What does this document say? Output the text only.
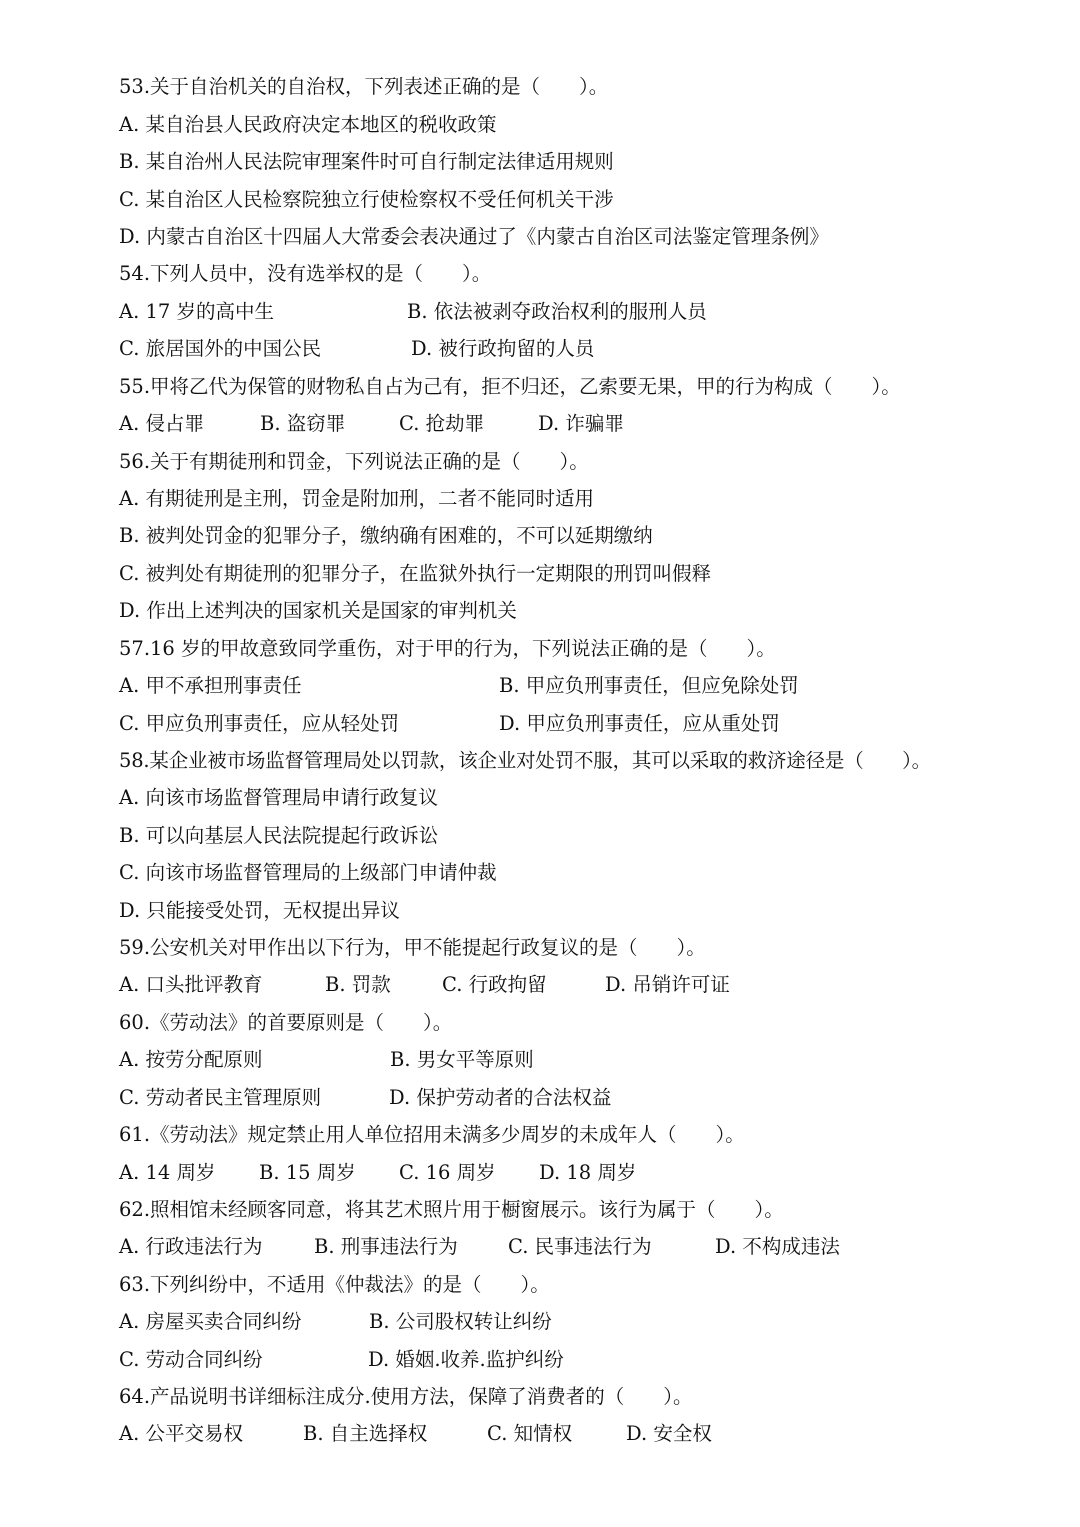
53.关于自治机关的自治权，下列表述正确的是（　　）。
A. 某自治县人民政府决定本地区的税收政策
B. 某自治州人民法院审理案件时可自行制定法律适用规则
C. 某自治区人民检察院独立行使检察权不受任何机关干涉
D. 内蒙古自治区十四届人大常委会表决通过了《内蒙古自治区司法鉴定管理条例》
54.下列人员中，没有选举权的是（　　）。

A. 17 岁的高中生

	B. 依法被剥夺政治权利的服刑人员

C. 旅居国外的中国公民

	D. 被行政拘留的人员

55.甲将乙代为保管的财物私自占为己有，拒不归还，乙索要无果，甲的行为构成（　　）。

A. 侵占罪

	B. 盗窃罪

	C. 抢劫罪

	D. 诈骗罪

56.关于有期徒刑和罚金，下列说法正确的是（　　）。
A. 有期徒刑是主刑，罚金是附加刑，二者不能同时适用
B. 被判处罚金的犯罪分子，缴纳确有困难的，不可以延期缴纳
C. 被判处有期徒刑的犯罪分子，在监狱外执行一定期限的刑罚叫假释
D. 作出上述判决的国家机关是国家的审判机关
57.16 岁的甲故意致同学重伤，对于甲的行为，下列说法正确的是（　　）。

A. 甲不承担刑事责任

	B. 甲应负刑事责任，但应免除处罚

C. 甲应负刑事责任，应从轻处罚

	D. 甲应负刑事责任，应从重处罚

58.某企业被市场监督管理局处以罚款，该企业对处罚不服，其可以采取的救济途径是（　　）。
A. 向该市场监督管理局申请行政复议
B. 可以向基层人民法院提起行政诉讼
C. 向该市场监督管理局的上级部门申请仲裁
D. 只能接受处罚，无权提出异议
59.公安机关对甲作出以下行为，甲不能提起行政复议的是（　　）。

A. 口头批评教育

	B. 罚款

	C. 行政拘留

	D. 吊销许可证

60.《劳动法》的首要原则是（　　）。

A. 按劳分配原则

	B. 男女平等原则

C. 劳动者民主管理原则

	D. 保护劳动者的合法权益

61.《劳动法》规定禁止用人单位招用未满多少周岁的未成年人（　　）。

A. 14 周岁

B. 15 周岁

C. 16 周岁

D. 18 周岁

62.照相馆未经顾客同意，将其艺术照片用于橱窗展示。该行为属于（　　）。

A. 行政违法行为

	B. 刑事违法行为

	C. 民事违法行为

	D. 不构成违法

63.下列纠纷中，不适用《仲裁法》的是（　　）。

A. 房屋买卖合同纠纷

	B. 公司股权转让纠纷

C. 劳动合同纠纷

	D. 婚姻.收养.监护纠纷

64.产品说明书详细标注成分.使用方法，保障了消费者的（　　）。

A. 公平交易权

	B. 自主选择权

	C. 知情权

	D. 安全权
